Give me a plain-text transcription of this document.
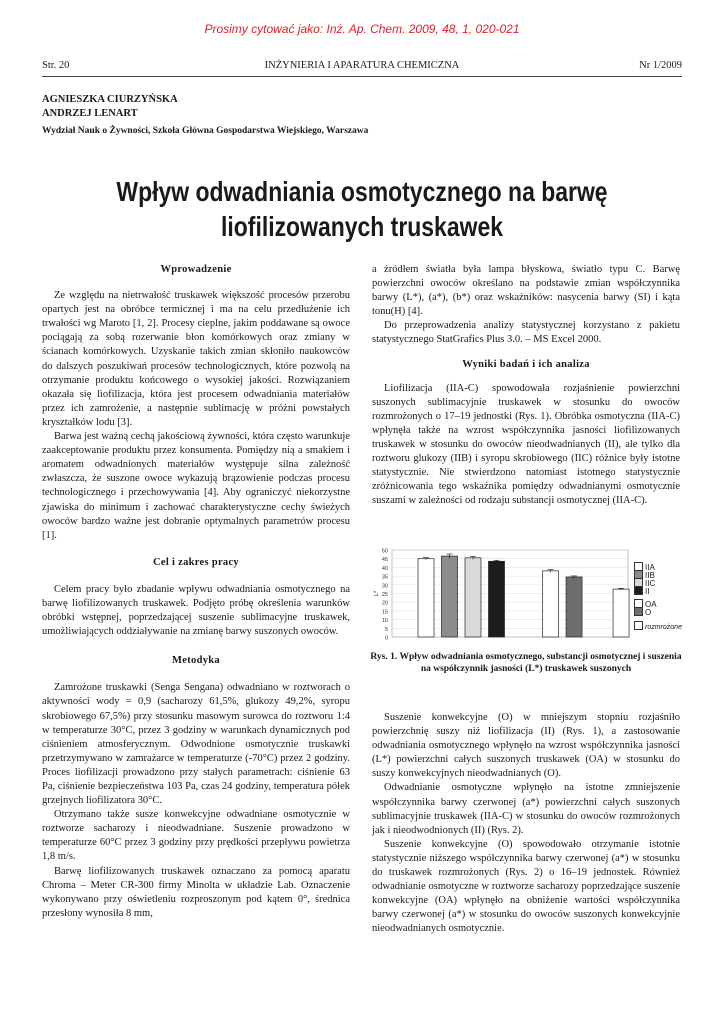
Prosimy cytować jako: Inż. Ap. Chem. 2009, 48, 1, 020-021
Str. 20	INŻYNIERIA I APARATURA CHEMICZNA	Nr 1/2009
AGNIESZKA CIURZYŃSKA
ANDRZEJ LENART
Wydział Nauk o Żywności, Szkoła Główna Gospodarstwa Wiejskiego, Warszawa
Wpływ odwadniania osmotycznego na barwę
liofilizowanych truskawek
Wprowadzenie

Ze względu na nietrwałość truskawek większość procesów przerobu opartych jest na obróbce termicznej i ma na celu przedłużenie ich trwałości wg Maroto [1, 2]. Procesy cieplne, jakim poddawane są owoce pociągają za sobą rozerwanie błon komórkowych oraz zmiany w ścianach komórkowych. Uzyskanie takich zmian skłoniło naukowców do dalszych poszukiwań procesów technologicznych, które pozwolą na otrzymanie produktu końcowego o wysokiej jakości. Rozwiązaniem okazała się liofilizacja, która jest procesem odwadniania materiałów przez ich zamrożenie, a następnie sublimację w próżni powstałych kryształków lodu [3].

Barwa jest ważną cechą jakościową żywności, która często warunkuje zaakceptowanie produktu przez konsumenta. Pomiędzy nią a smakiem i aromatem odwadnionych materiałów występuje silna zależność zwłaszcza, że suszone owoce wykazują brązowienie podczas procesu technologicznego i przechowywania [4]. Aby ograniczyć niekorzystne zjawiska do minimum i zachować charakterystyczne cechy świeżych owoców bardzo ważne jest dobranie optymalnych parametrów procesu [1].

Cel i zakres pracy

Celem pracy było zbadanie wpływu odwadniania osmotycznego na barwę liofilizowanych truskawek. Podjęto próbę określenia warunków obróbki wstępnej, poprzedzającej suszenie sublimacyjne truskawek, umożliwiających oddziaływanie na zmianę barwy suszonych owoców.

Metodyka

Zamrożone truskawki (Senga Sengana) odwadniano w roztworach o aktywności wody = 0,9 (sacharozy 61,5%, glukozy 49,2%, syropu skrobiowego 67,5%) przy stosunku masowym surowca do roztworu 1:4 w temperaturze 30°C, przez 3 godziny w warunkach dynamicznych pod ciśnieniem atmosferycznym. Odwodnione osmotycznie truskawki przetrzymywano w zamrażarce w temperaturze (-70°C) przez 2 godziny. Proces liofilizacji prowadzono przy stałych parametrach: ciśnienie 63 Pa, ciśnienie bezpieczeństwa 103 Pa, czas 24 godziny, temperatura półek grzejnych liofilizatora 30°C.

Otrzymano także susze konwekcyjne odwadniane osmotycznie w roztworze sacharozy i nieodwadniane. Suszenie prowadzono w temperaturze 60°C przez 3 godziny przy prędkości przepływu powietrza 1,8 m/s.

Barwę liofilizowanych truskawek oznaczano za pomocą aparatu Chroma – Meter CR-300 firmy Minolta w układzie Lab. Oznaczenie wykonywano przy oświetleniu rozproszonym pod kątem 0°, średnica przesłony wynosiła 8 mm,

a źródłem światła była lampa błyskowa, światło typu C. Barwę powierzchni owoców określano na podstawie zmian współczynnika barwy (L*), (a*), (b*) oraz wskaźników: nasycenia barwy (SI) i kąta tonu(H) [4].

Do przeprowadzenia analizy statystycznej korzystano z pakietu statystycznego StatGrafics Plus 3.0. – MS Excel 2000.

Wyniki badań i ich analiza

Liofilizacja (IIA-C) spowodowała rozjaśnienie powierzchni suszonych sublimacyjnie truskawek w stosunku do owoców rozmrożonych o 17–19 jednostki (Rys. 1). Obróbka osmotyczna (IIA-C) wpłynęła także na wzrost współczynnika jasności liofilizowanych truskawek w stosunku do owoców nieodwadnianych (II), ale tylko dla roztworu glukozy (IIB) i syropu skrobiowego (IIC) różnice były istotne statystycznie. Nie stwierdzono natomiast istotnego statystycznie zróżnicowania tego wskaźnika pomiędzy odwadnianymi osmotycznie suszami w zależności od rodzaju substancji osmotycznej (IIA-C).

0
5
10
15
20
25
30
35
40
45
50
L*
IIA
IIB
IIC
II
OA
O
rozmrożone
Rys. 1. Wpływ odwadniania osmotycznego, substancji osmotycznej i suszenia na współczynnik jasności (L*) truskawek suszonych

Suszenie konwekcyjne (O) w mniejszym stopniu rozjaśniło powierzchnię suszy niż liofilizacja (II) (Rys. 1), a zastosowanie odwadniania osmotycznego wpłynęło na wzrost współczynnika jasności (L*) powierzchni całych suszonych truskawek (OA) w stosunku do suszy konwekcyjnych nieodwadnianych (O).

Odwadnianie osmotyczne wpłynęło na istotne zmniejszenie współczynnika barwy czerwonej (a*) powierzchni całych suszonych sublimacyjnie truskawek (IIA-C) w stosunku do owoców rozmrożonych jak i nieodwodnionych (II) (Rys. 2).

Suszenie konwekcyjne (O) spowodowało otrzymanie istotnie statystycznie niższego współczynnika barwy czerwonej (a*) w stosunku do truskawek rozmrożonych (Rys. 2) o 16–19 jednostek. Również odwadnianie osmotyczne w roztworze sacharozy poprzedzające suszenie konwekcyjne (OA) wpłynęło na obniżenie wartości współczynnika barwy czerwonej (a*) w stosunku do owoców suszonych konwekcyjnie nieodwadnianych osmotycznie.
